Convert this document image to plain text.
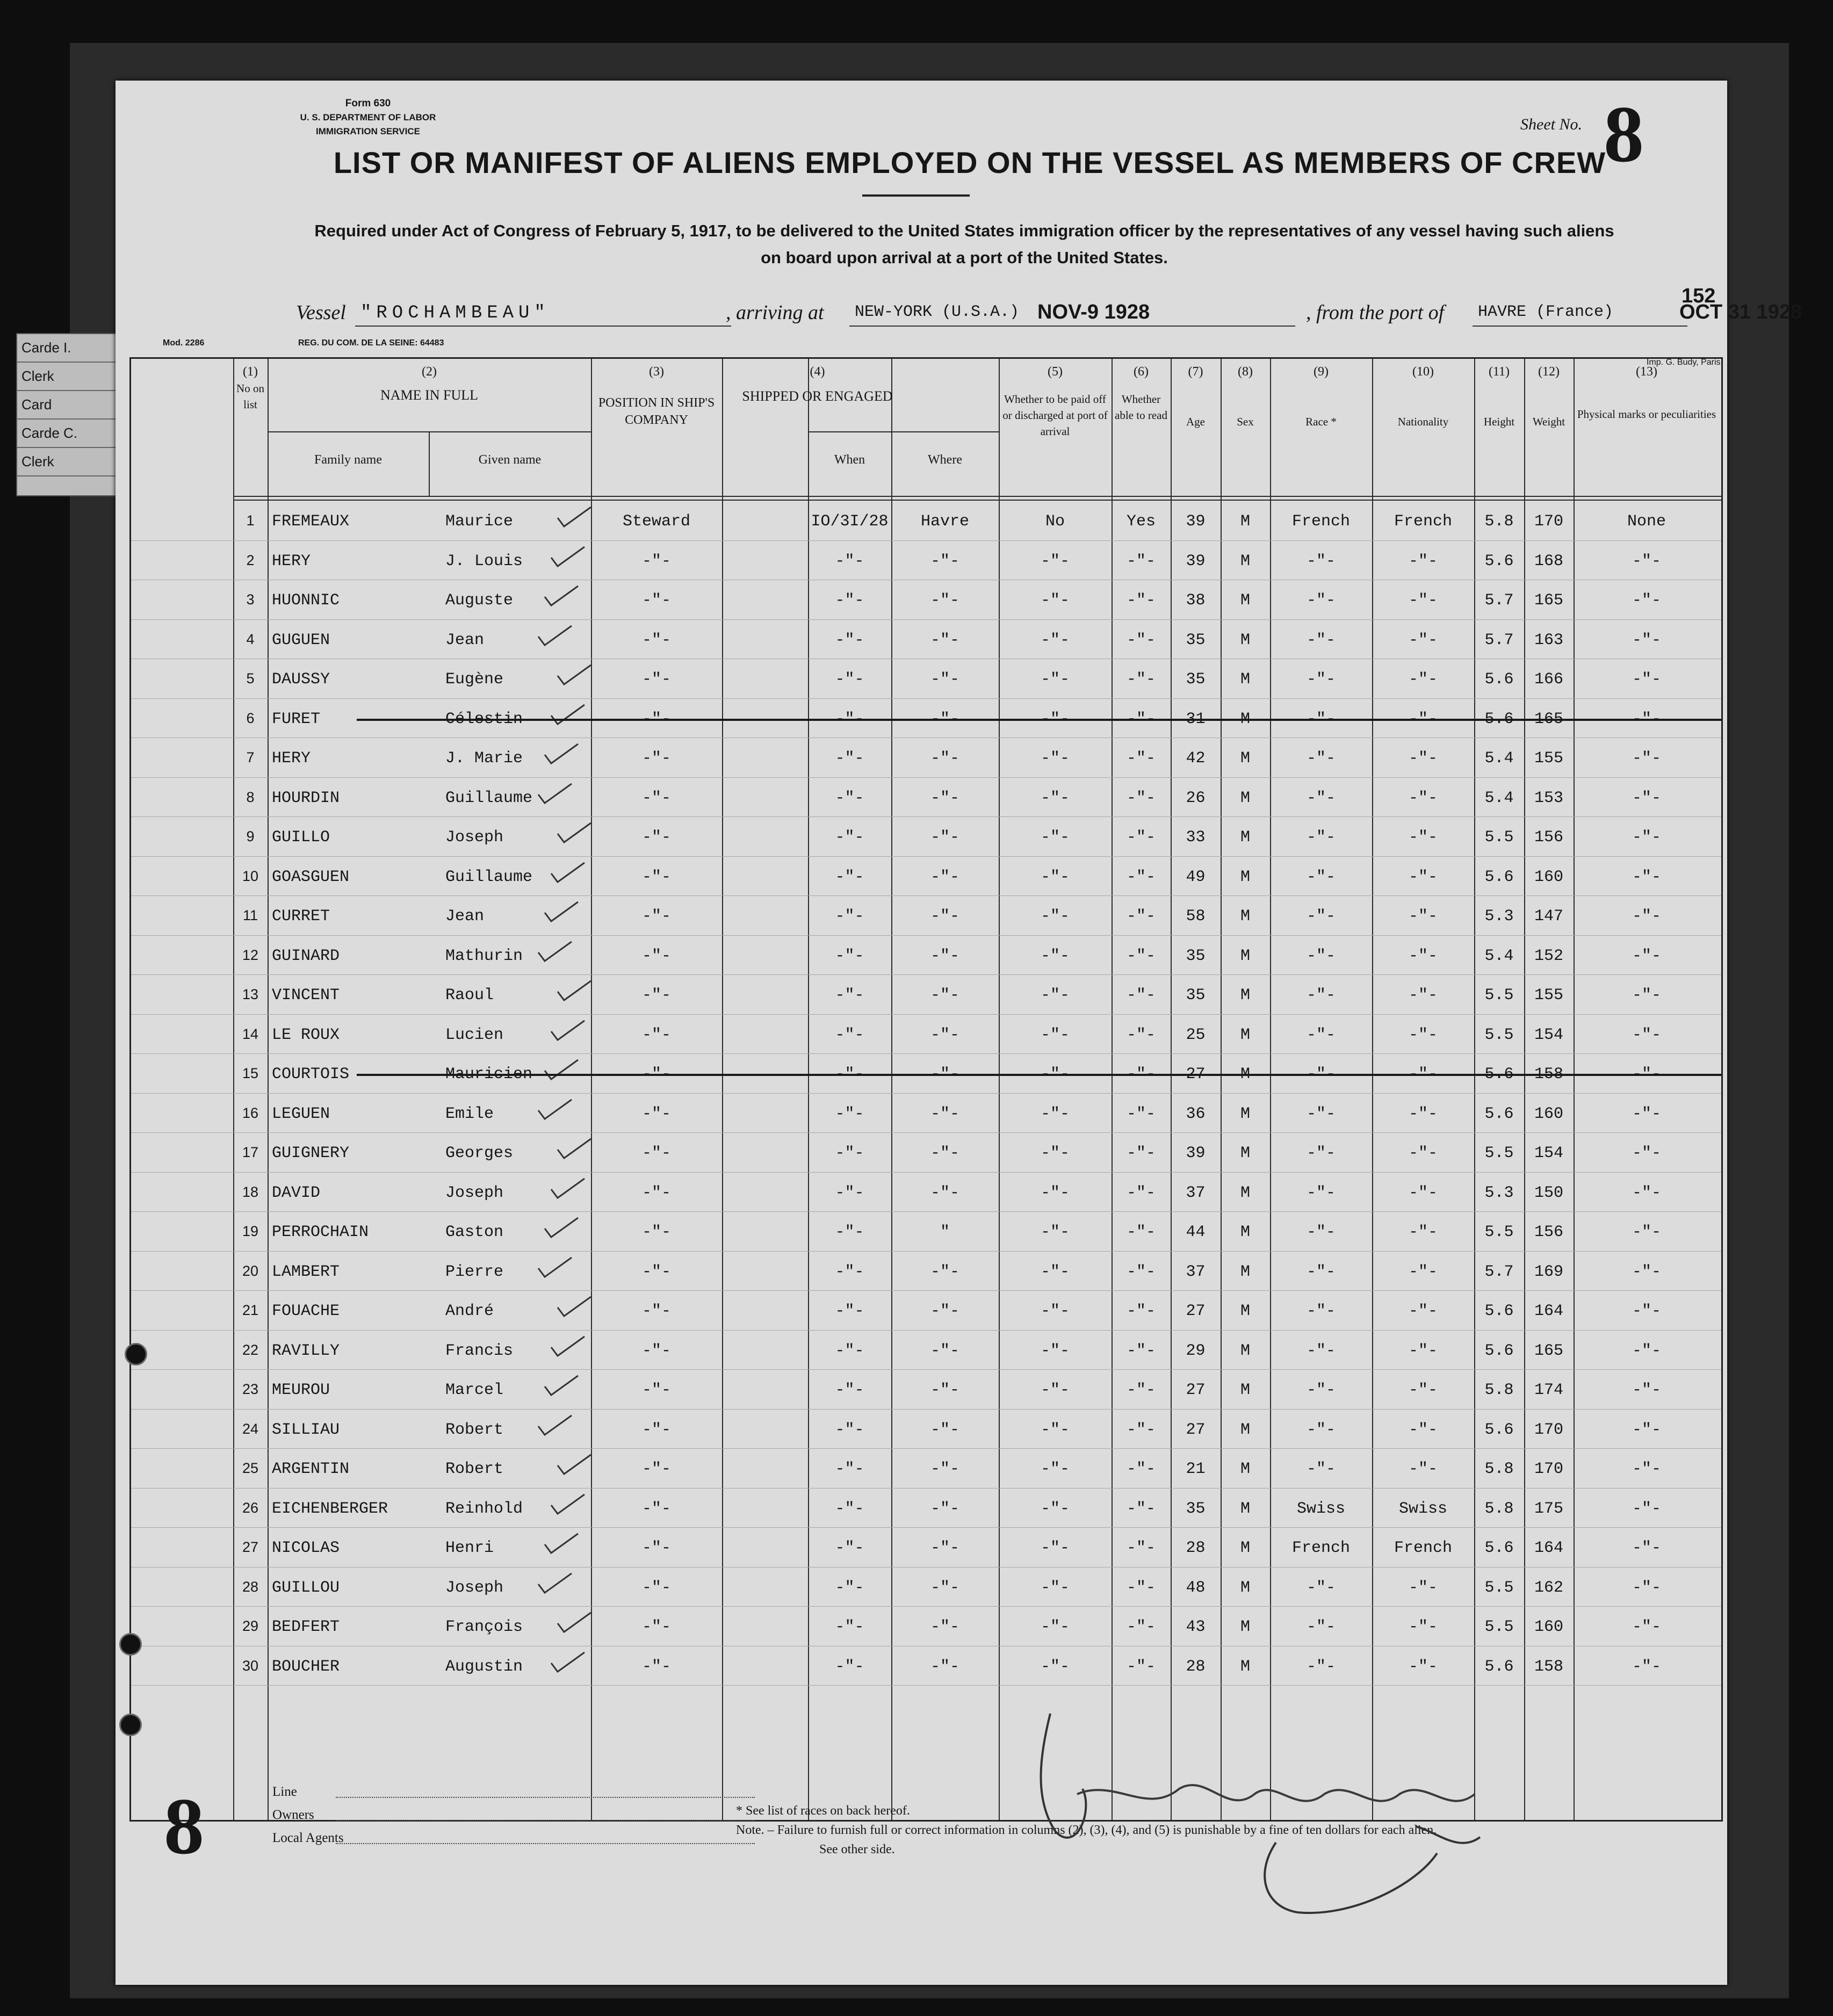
Carde I.
Clerk
Card
Carde C.
Clerk
Form 630
U. S. DEPARTMENT OF LABOR
IMMIGRATION SERVICE	Sheet No. 8
LIST OR MANIFEST OF ALIENS EMPLOYED ON THE VESSEL AS MEMBERS OF CREW
Required under Act of Congress of February 5, 1917, to be delivered to the United States immigration officer by the representatives of any vessel having such aliens
on board upon arrival at a port of the United States.
152
Vessel "ROCHAMBEAU"	, arriving at NEW-YORK (U.S.A.) NOV-9 1928	, from the port of HAVRE (France)	OCT 31 1928
Mod. 2286	REG. DU COM. DE LA SEINE: 64483
Imp. G. Budy, Paris
(1)
No on list
(2)
NAME IN FULL
Family name	Given name
(3)
POSITION IN SHIP'S COMPANY
(4)
SHIPPED OR ENGAGED
When	Where
(5)
Whether to be paid off or discharged at port of arrival
(6)
Whether able to read
(7)
Age
(8)
Sex
(9)
Race *
(10)
Nationality
(11)
Height
(12)
Weight
(13)
Physical marks or peculiarities
1	FREMEAUX	Maurice	Steward	IO/3I/28	Havre	No	Yes	39	M	French	French	5.8	170	None
2	HERY	J. Louis	-"-	-"-	-"-	-"-	-"-	39	M	-"-	-"-	5.6	168	-"-
3	HUONNIC	Auguste	-"-	-"-	-"-	-"-	-"-	38	M	-"-	-"-	5.7	165	-"-
4	GUGUEN	Jean	-"-	-"-	-"-	-"-	-"-	35	M	-"-	-"-	5.7	163	-"-
5	DAUSSY	Eugène	-"-	-"-	-"-	-"-	-"-	35	M	-"-	-"-	5.6	166	-"-
6	FURET	Célestin	-"-	-"-	-"-	-"-	-"-	31	M	-"-	-"-	5.6	165	-"-
7	HERY	J. Marie	-"-	-"-	-"-	-"-	-"-	42	M	-"-	-"-	5.4	155	-"-
8	HOURDIN	Guillaume	-"-	-"-	-"-	-"-	-"-	26	M	-"-	-"-	5.4	153	-"-
9	GUILLO	Joseph	-"-	-"-	-"-	-"-	-"-	33	M	-"-	-"-	5.5	156	-"-
10 GOASGUEN	Guillaume	-"-	-"-	-"-	-"-	-"-	49	M	-"-	-"-	5.6	160	-"-
11 CURRET	Jean	-"-	-"-	-"-	-"-	-"-	58	M	-"-	-"-	5.3	147	-"-
12 GUINARD	Mathurin	-"-	-"-	-"-	-"-	-"-	35	M	-"-	-"-	5.4	152	-"-
13 VINCENT	Raoul	-"-	-"-	-"-	-"-	-"-	35	M	-"-	-"-	5.5	155	-"-
14 LE ROUX	Lucien	-"-	-"-	-"-	-"-	-"-	25	M	-"-	-"-	5.5	154	-"-
15 COURTOIS	Mauricien	-"-	-"-	-"-	-"-	-"-	27	M	-"-	-"-	5.6	158	-"-
16 LEGUEN	Emile	-"-	-"-	-"-	-"-	-"-	36	M	-"-	-"-	5.6	160	-"-
17 GUIGNERY	Georges	-"-	-"-	-"-	-"-	-"-	39	M	-"-	-"-	5.5	154	-"-
18 DAVID	Joseph	-"-	-"-	-"-	-"-	-"-	37	M	-"-	-"-	5.3	150	-"-
19 PERROCHAIN	Gaston	-"-	-"-	"	-"-	-"-	44	M	-"-	-"-	5.5	156	-"-
20 LAMBERT	Pierre	-"-	-"-	-"-	-"-	-"-	37	M	-"-	-"-	5.7	169	-"-
21 FOUACHE	André	-"-	-"-	-"-	-"-	-"-	27	M	-"-	-"-	5.6	164	-"-
22 RAVILLY	Francis	-"-	-"-	-"-	-"-	-"-	29	M	-"-	-"-	5.6	165	-"-
23 MEUROU	Marcel	-"-	-"-	-"-	-"-	-"-	27	M	-"-	-"-	5.8	174	-"-
24 SILLIAU	Robert	-"-	-"-	-"-	-"-	-"-	27	M	-"-	-"-	5.6	170	-"-
25 ARGENTIN	Robert	-"-	-"-	-"-	-"-	-"-	21	M	-"-	-"-	5.8	170	-"-
26 EICHENBERGER	Reinhold	-"-	-"-	-"-	-"-	-"-	35	M	Swiss	Swiss	5.8	175	-"-
27 NICOLAS	Henri	-"-	-"-	-"-	-"-	-"-	28	M	French	French	5.6	164	-"-
28 GUILLOU	Joseph	-"-	-"-	-"-	-"-	-"-	48	M	-"-	-"-	5.5	162	-"-
29 BEDFERT	François	-"-	-"-	-"-	-"-	-"-	43	M	-"-	-"-	5.5	160	-"-
30 BOUCHER	Augustin	-"-	-"-	-"-	-"-	-"-	28	M	-"-	-"-	5.6	158	-"-
8	Line
Owners
Local Agents
* See list of races on back hereof.
Note. – Failure to furnish full or correct information in columns (2), (3), (4), and (5) is punishable by a fine of ten dollars for each alien.
See other side.
